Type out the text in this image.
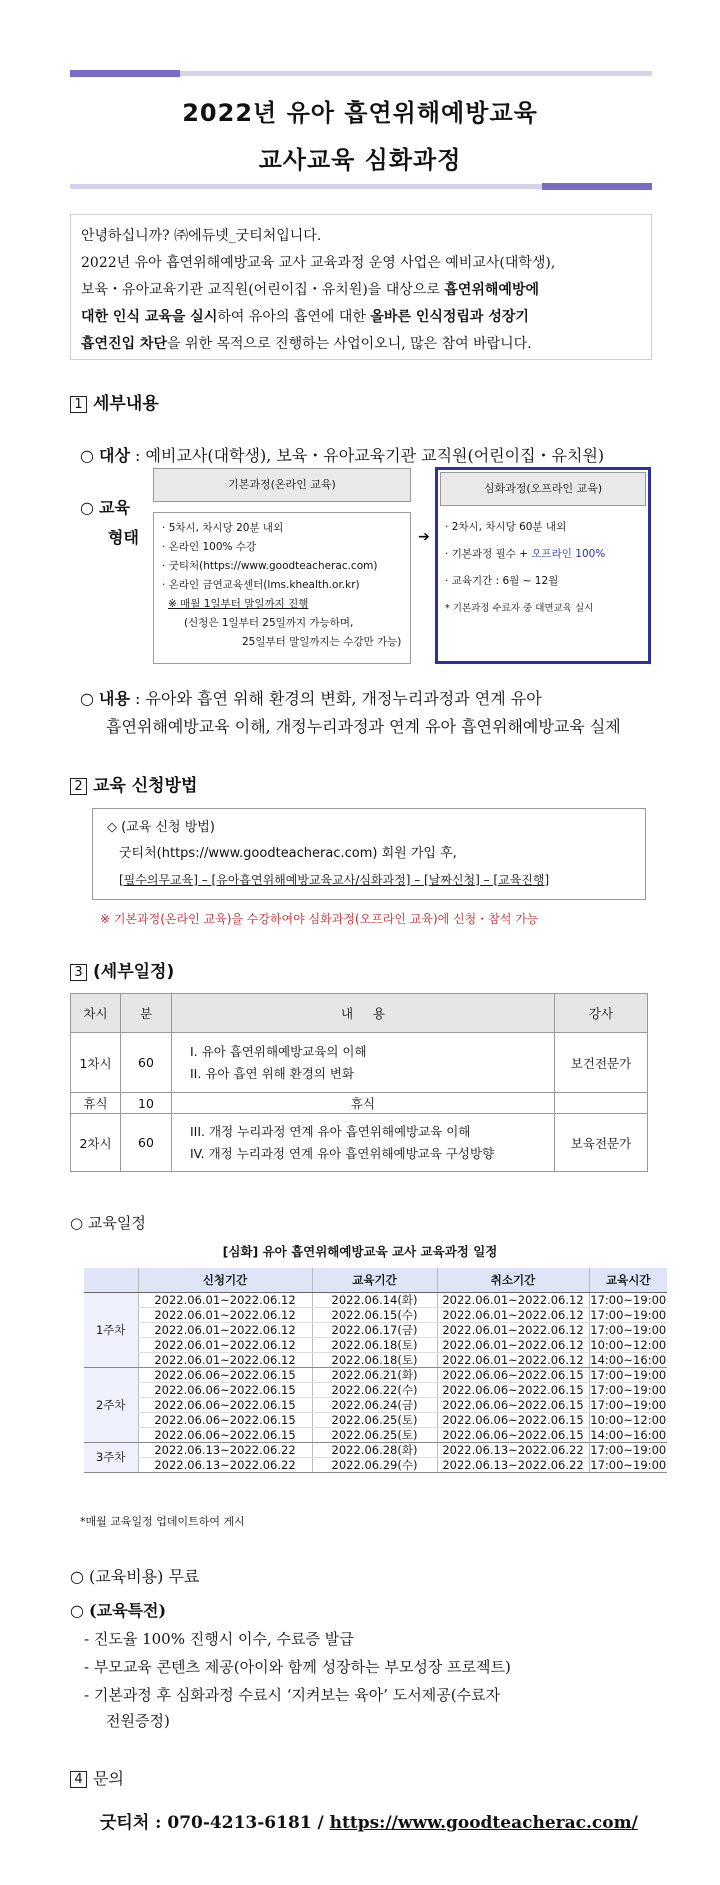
2022년 유아 흡연위해예방교육
교사교육 심화과정

안녕하십니까? ㈜에듀넷_굿티처입니다.

2022년 유아 흡연위해예방교육 교사 교육과정 운영 사업은 예비교사(대학생),

보육・유아교육기관 교직원(어린이집・유치원)을 대상으로 흡연위해예방에

대한 인식 교육을 실시하여 유아의 흡연에 대한 올바른 인식정립과 성장기

흡연진입 차단을 위한 목적으로 진행하는 사업이오니, 많은 참여 바랍니다.

1 세부내용
○ 대상 : 예비교사(대학생), 보육・유아교육기관 교직원(어린이집・유치원)
○ 교육
형태
기본과정(온라인 교육)
· 5차시, 차시당 20분 내외
· 온라인 100% 수강
· 굿티처(https://www.goodteacherac.com)
· 온라인 금연교육센터(lms.khealth.or.kr)
※ 매월 1일부터 말일까지 진행
(신청은 1일부터 25일까지 가능하며,
25일부터 말일까지는 수강만 가능)
➔
심화과정(오프라인 교육)
· 2차시, 차시당 60분 내외
· 기본과정 필수 + 오프라인 100%
· 교육기간 : 6월 ~ 12월
* 기본과정 수료자 중 대면교육 실시
○ 내용 : 유아와 흡연 위해 환경의 변화, 개정누리과정과 연계 유아
흡연위해예방교육 이해, 개정누리과정과 연계 유아 흡연위해예방교육 실제
2 교육 신청방법
◇ (교육 신청 방법)
굿티처(https://www.goodteacherac.com) 회원 가입 후,
[필수의무교육] – [유아흡연위해예방교육교사/심화과정] – [날짜신청] – [교육진행]
※ 기본과정(온라인 교육)을 수강하여야 심화과정(오프라인 교육)에 신청・참석 가능
3 (세부일정)
차시	분	내     용	강사
1차시	60	I. 유아 흡연위해예방교육의 이해
II. 유아 흡연 위해 환경의 변화	보건전문가
휴식	10	휴식	
2차시	60	III. 개정 누리과정 연계 유아 흡연위해예방교육 이해
IV. 개정 누리과정 연계 유아 흡연위해예방교육 구성방향	보육전문가
○ 교육일정
[심화] 유아 흡연위해예방교육 교사 교육과정 일정
	신청기간	교육기간	취소기간	교육시간
1주차	2022.06.01~2022.06.12	2022.06.14(화)	2022.06.01~2022.06.12	17:00~19:00
	2022.06.01~2022.06.12	2022.06.15(수)	2022.06.01~2022.06.12	17:00~19:00
	2022.06.01~2022.06.12	2022.06.17(금)	2022.06.01~2022.06.12	17:00~19:00
	2022.06.01~2022.06.12	2022.06.18(토)	2022.06.01~2022.06.12	10:00~12:00
	2022.06.01~2022.06.12	2022.06.18(토)	2022.06.01~2022.06.12	14:00~16:00
2주차	2022.06.06~2022.06.15	2022.06.21(화)	2022.06.06~2022.06.15	17:00~19:00
	2022.06.06~2022.06.15	2022.06.22(수)	2022.06.06~2022.06.15	17:00~19:00
	2022.06.06~2022.06.15	2022.06.24(금)	2022.06.06~2022.06.15	17:00~19:00
	2022.06.06~2022.06.15	2022.06.25(토)	2022.06.06~2022.06.15	10:00~12:00
	2022.06.06~2022.06.15	2022.06.25(토)	2022.06.06~2022.06.15	14:00~16:00
3주차	2022.06.13~2022.06.22	2022.06.28(화)	2022.06.13~2022.06.22	17:00~19:00
	2022.06.13~2022.06.22	2022.06.29(수)	2022.06.13~2022.06.22	17:00~19:00
*매월 교육일정 업데이트하여 게시
○ (교육비용) 무료
○ (교육특전)
- 진도율 100% 진행시 이수, 수료증 발급
- 부모교육 콘텐츠 제공(아이와 함께 성장하는 부모성장 프로젝트)
- 기본과정 후 심화과정 수료시 ‘지켜보는 육아’ 도서제공(수료자
전원증정)
4 문의
굿티처 : 070-4213-6181 / https://www.goodteacherac.com/
